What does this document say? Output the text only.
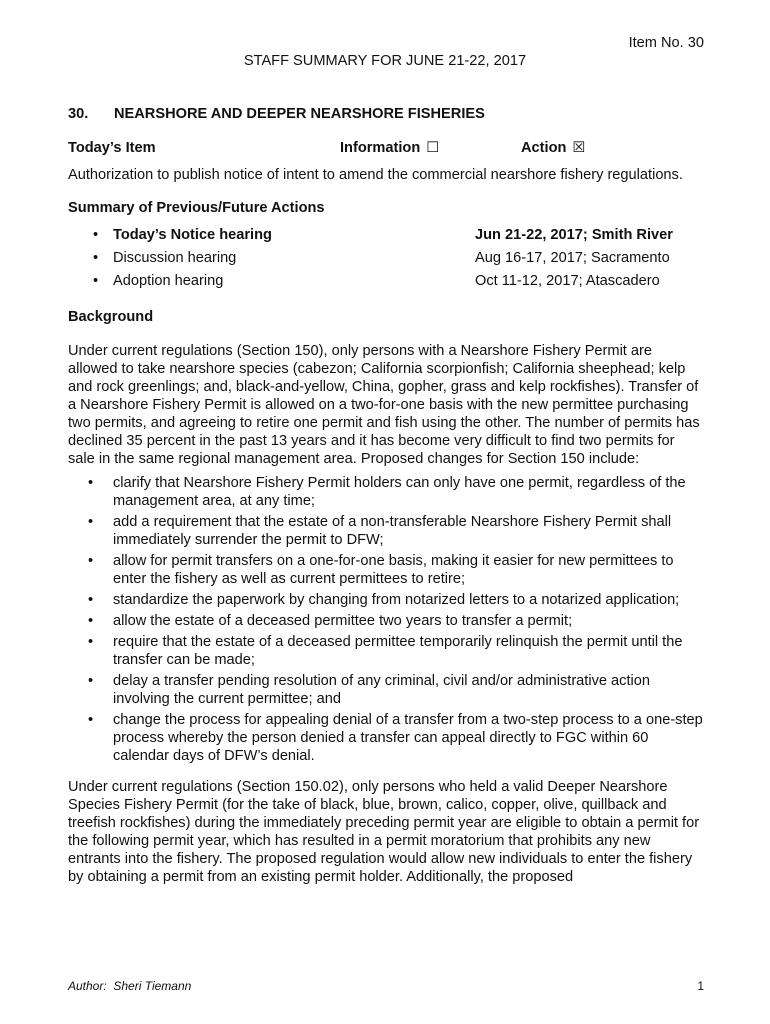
Item No. 30
STAFF SUMMARY FOR JUNE 21-22, 2017
30.	NEARSHORE AND DEEPER NEARSHORE FISHERIES
Today’s Item	Information ☐	Action ☒

Authorization to publish notice of intent to amend the commercial nearshore fishery regulations.

Summary of Previous/Future Actions

•	Today’s Notice hearing	Jun 21-22, 2017; Smith River
•	Discussion hearing	Aug 16-17, 2017; Sacramento
•	Adoption hearing	Oct 11-12, 2017; Atascadero

Background

Under current regulations (Section 150), only persons with a Nearshore Fishery Permit are allowed to take nearshore species (cabezon; California scorpionfish; California sheephead; kelp and rock greenlings; and, black-and-yellow, China, gopher, grass and kelp rockfishes). Transfer of a Nearshore Fishery Permit is allowed on a two-for-one basis with the new permittee purchasing two permits, and agreeing to retire one permit and fish using the other. The number of permits has declined 35 percent in the past 13 years and it has become very difficult to find two permits for sale in the same regional management area. Proposed changes for Section 150 include:

•	clarify that Nearshore Fishery Permit holders can only have one permit, regardless of the management area, at any time;
•	add a requirement that the estate of a non-transferable Nearshore Fishery Permit shall immediately surrender the permit to DFW;
•	allow for permit transfers on a one-for-one basis, making it easier for new permittees to enter the fishery as well as current permittees to retire;
•	standardize the paperwork by changing from notarized letters to a notarized application;
•	allow the estate of a deceased permittee two years to transfer a permit;
•	require that the estate of a deceased permittee temporarily relinquish the permit until the transfer can be made;
•	delay a transfer pending resolution of any criminal, civil and/or administrative action involving the current permittee; and
•	change the process for appealing denial of a transfer from a two-step process to a one-step process whereby the person denied a transfer can appeal directly to FGC within 60 calendar days of DFW’s denial.

Under current regulations (Section 150.02), only persons who held a valid Deeper Nearshore Species Fishery Permit (for the take of black, blue, brown, calico, copper, olive, quillback and treefish rockfishes) during the immediately preceding permit year are eligible to obtain a permit for the following permit year, which has resulted in a permit moratorium that prohibits any new entrants into the fishery. The proposed regulation would allow new individuals to enter the fishery by obtaining a permit from an existing permit holder. Additionally, the proposed

Author: Sheri Tiemann	1
